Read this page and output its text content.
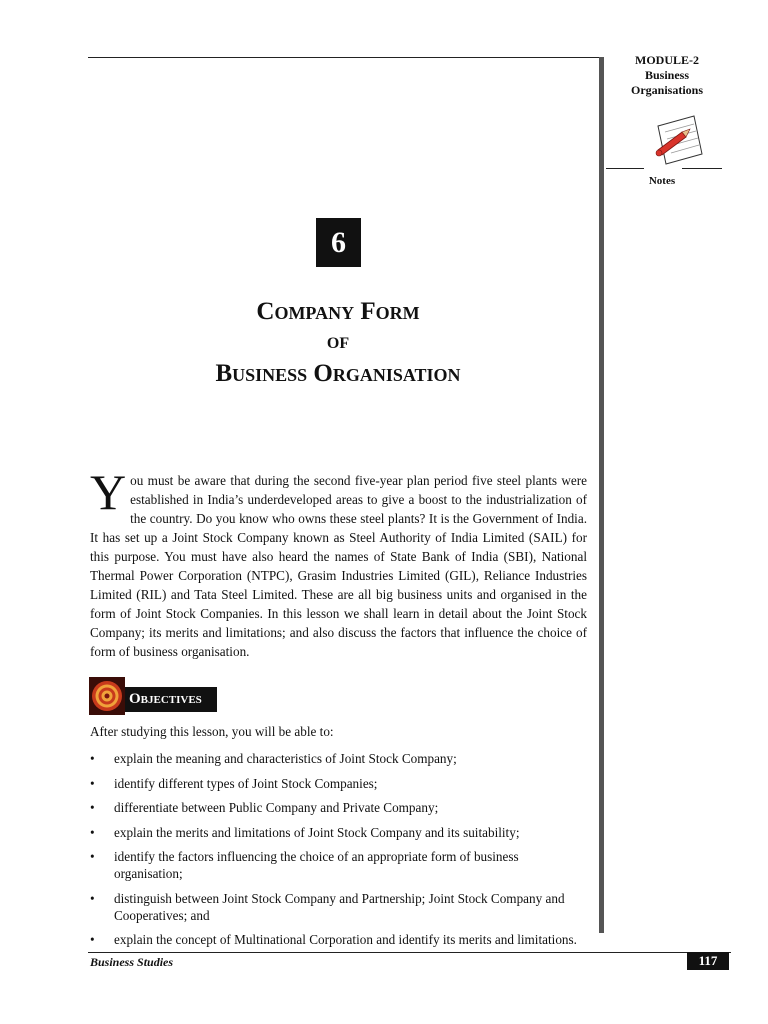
MODULE-2
Business
Organisations
Notes
6
Company Form
OF
Business Organisation

You must be aware that during the second five-year plan period five steel plants were established in India’s underdeveloped areas to give a boost to the industrialization of the country. Do you know who owns these steel plants? It is the Government of India. It has set up a Joint Stock Company known as Steel Authority of India Limited (SAIL) for this purpose. You must have also heard the names of State Bank of India (SBI), National Thermal Power Corporation (NTPC), Grasim Industries Limited (GIL), Reliance Industries Limited (RIL) and Tata Steel Limited. These are all big business units and organised in the form of Joint Stock Companies. In this lesson we shall learn in detail about the Joint Stock Company; its merits and limitations; and also discuss the factors that influence the choice of form of business organisation.

Objectives

After studying this lesson, you will be able to:

• explain the meaning and characteristics of Joint Stock Company;
• identify different types of Joint Stock Companies;
• differentiate between Public Company and Private Company;
• explain the merits and limitations of Joint Stock Company and its suitability;
• identify the factors influencing the choice of an appropriate form of business organisation;
• distinguish between Joint Stock Company and Partnership; Joint Stock Company and Cooperatives; and
• explain the concept of Multinational Corporation and identify its merits and limitations.
Business Studies	117
